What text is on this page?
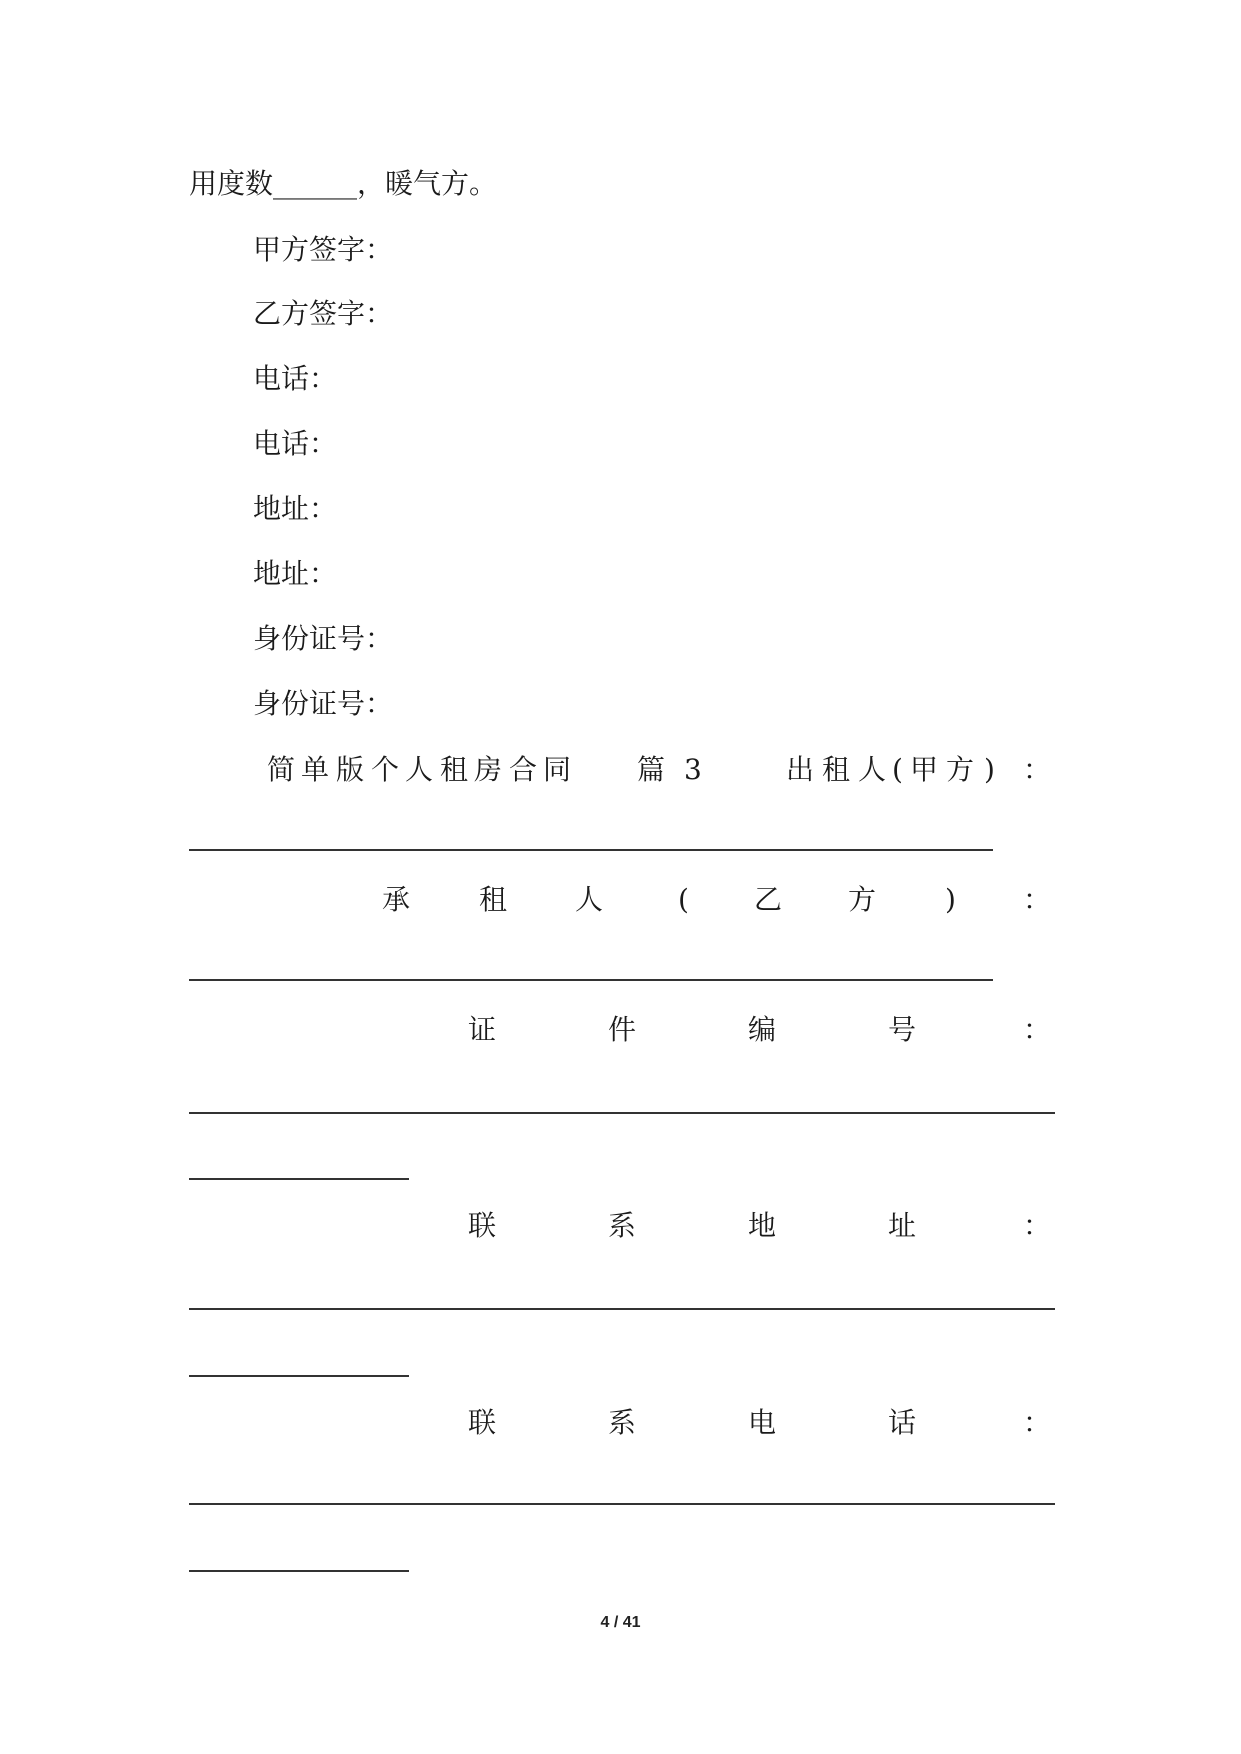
用度数______，暖气方。
甲方签字：
乙方签字：
电话：
电话：
地址：
地址：
身份证号：
身份证号：
简 单 版 个 人 租 房 合 同 篇 3	出 租 人 ( 甲 方 ) ：
承 租 人	( 乙 方 ) ：
证	件	编	号	：
联	系	地	址	：
联	系	电	话	：
4 / 41
